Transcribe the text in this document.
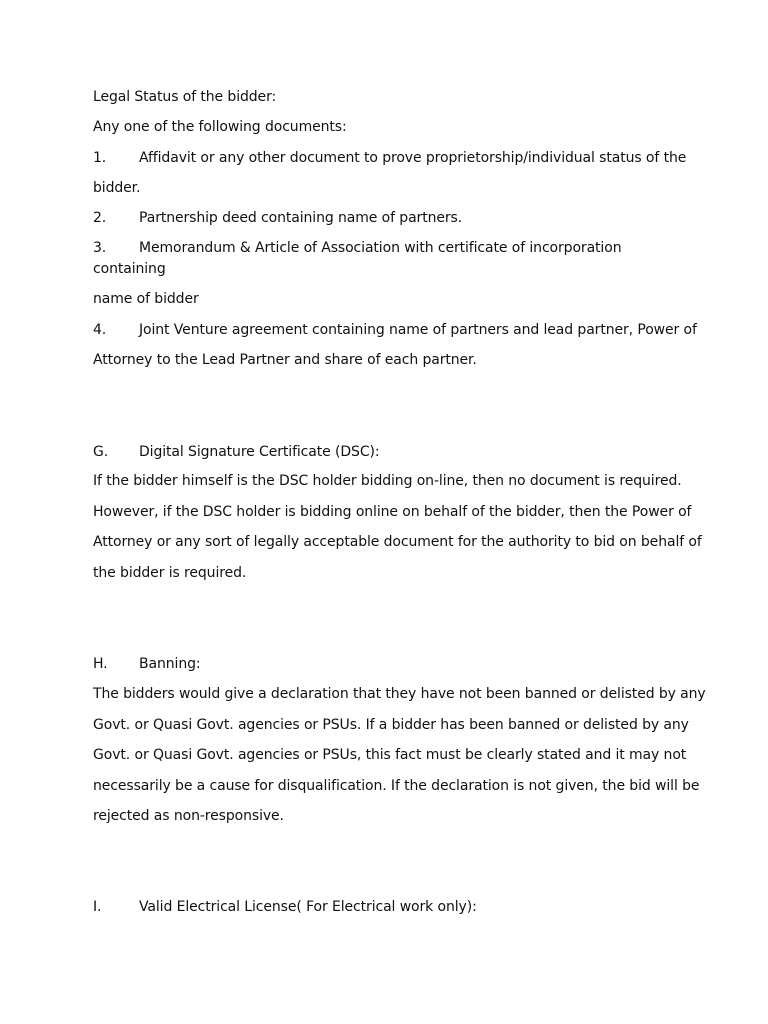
Legal Status of the bidder:
Any one of the following documents:
1. Affidavit or any other document to prove proprietorship/individual status of the
bidder.
2. Partnership deed containing name of partners.
3. Memorandum & Article of Association with certificate of incorporation
containing
name of bidder
4. Joint Venture agreement containing name of partners and lead partner, Power of
Attorney to the Lead Partner and share of each partner.
G. Digital Signature Certificate (DSC):
If the bidder himself is the DSC holder bidding on-line, then no document is required.
However, if the DSC holder is bidding online on behalf of the bidder, then the Power of
Attorney or any sort of legally acceptable document for the authority to bid on behalf of
the bidder is required.
H. Banning:
The bidders would give a declaration that they have not been banned or delisted by any
Govt. or Quasi Govt. agencies or PSUs. If a bidder has been banned or delisted by any
Govt. or Quasi Govt. agencies or PSUs, this fact must be clearly stated and it may not
necessarily be a cause for disqualification. If the declaration is not given, the bid will be
rejected as non-responsive.
I.	Valid Electrical License( For Electrical work only):
